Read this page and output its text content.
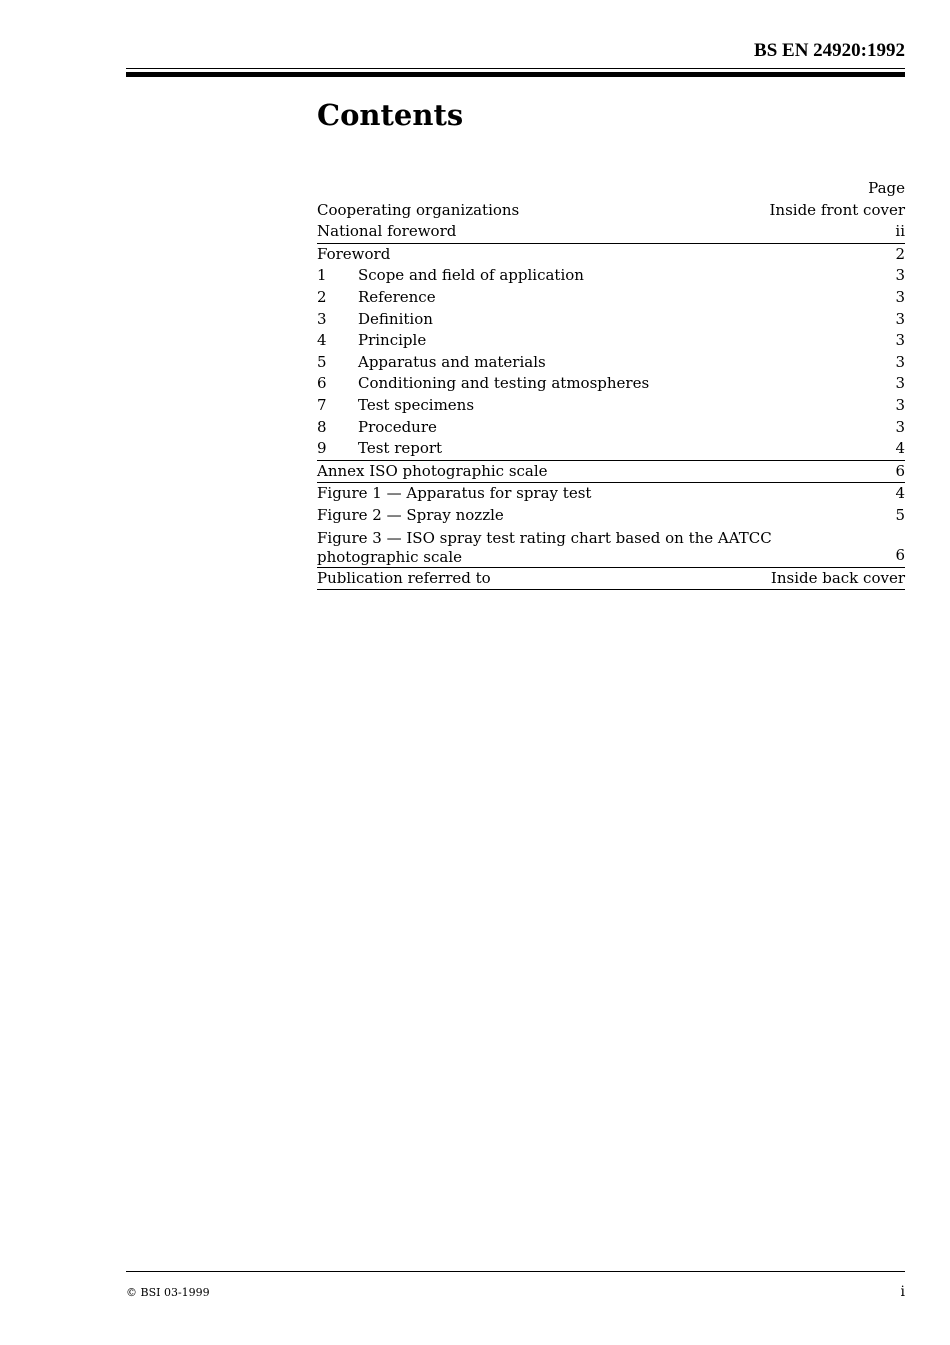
BS EN 24920:1992
Contents
Page
Cooperating organizations	Inside front cover
National foreword	ii
Foreword	2
1 Scope and field of application	3
2 Reference	3
3 Definition	3
4 Principle	3
5 Apparatus and materials	3
6 Conditioning and testing atmospheres	3
7 Test specimens	3
8 Procedure	3
9 Test report	4
Annex ISO photographic scale	6
Figure 1 — Apparatus for spray test	4
Figure 2 — Spray nozzle	5
Figure 3 — ISO spray test rating chart based on the AATCC photographic scale	6
Publication referred to	Inside back cover
© BSI 03-1999	i
